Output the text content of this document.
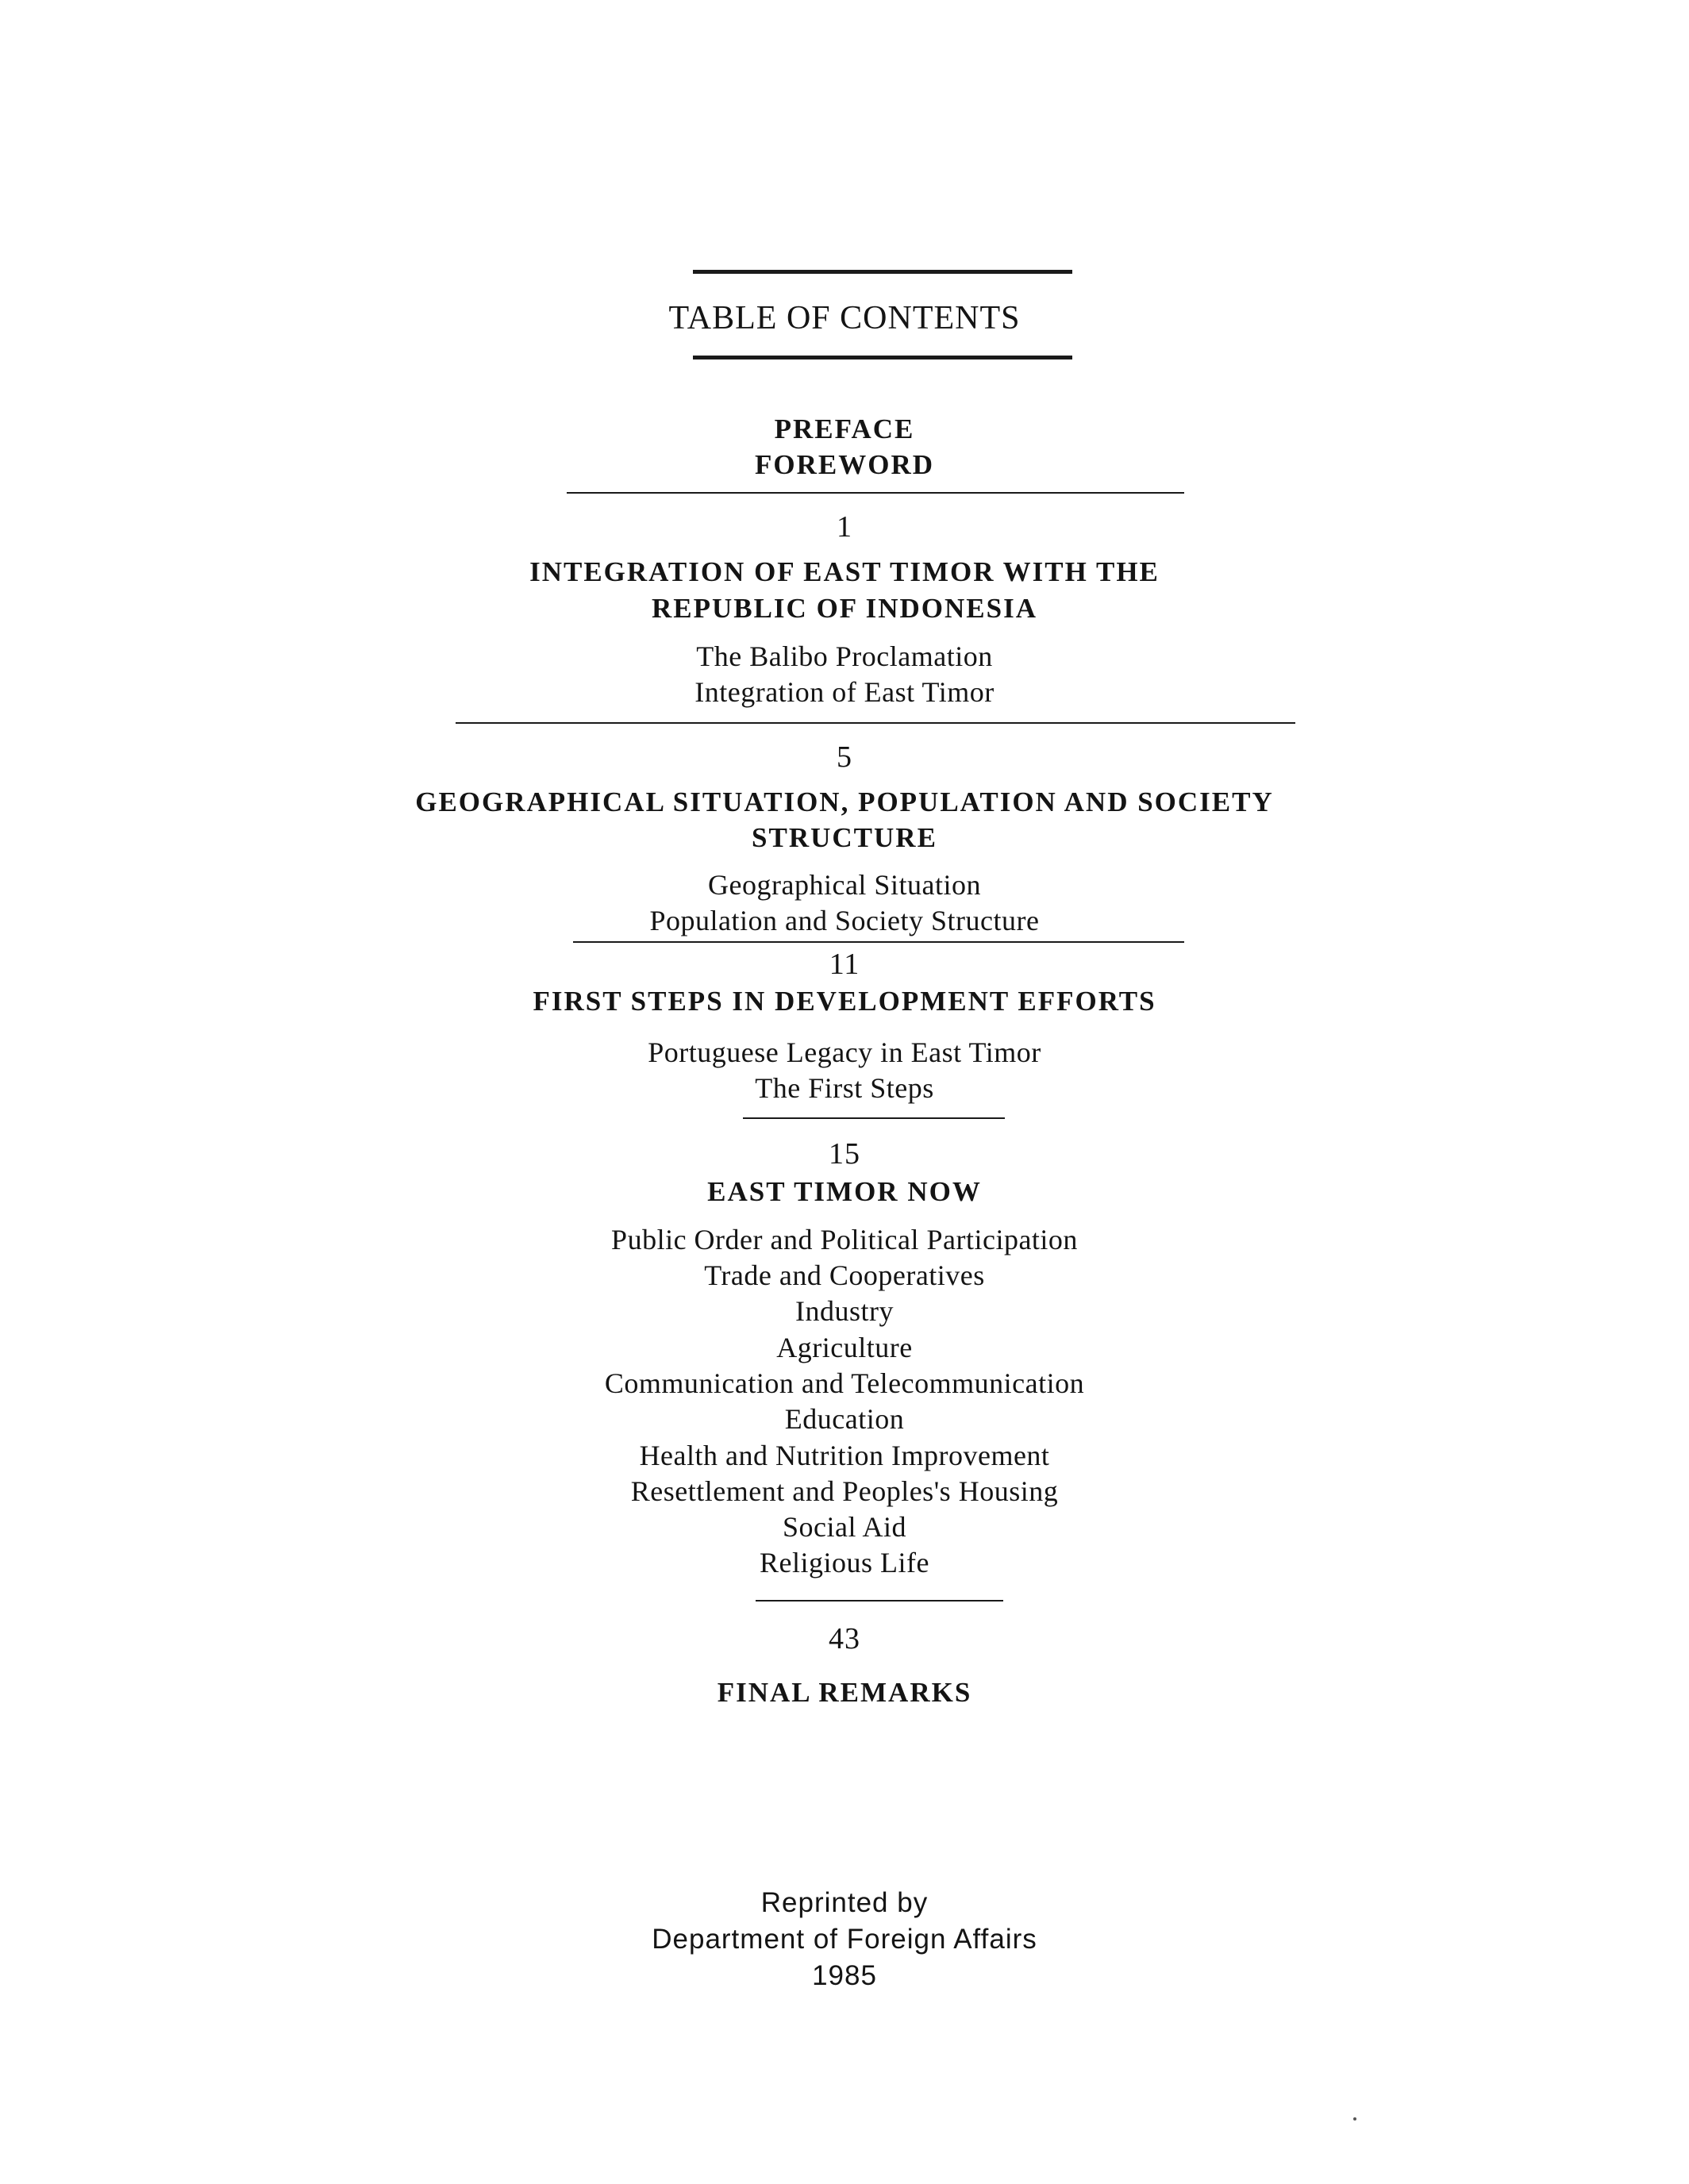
TABLE OF CONTENTS
PREFACE
FOREWORD
1
INTEGRATION OF EAST TIMOR WITH THE
REPUBLIC OF INDONESIA
The Balibo Proclamation
Integration of East Timor
5
GEOGRAPHICAL SITUATION, POPULATION AND SOCIETY
STRUCTURE
Geographical Situation
Population and Society Structure
11
FIRST STEPS IN DEVELOPMENT EFFORTS
Portuguese Legacy in East Timor
The First Steps
15
EAST TIMOR NOW
Public Order and Political Participation
Trade and Cooperatives
Industry
Agriculture
Communication and Telecommunication
Education
Health and Nutrition Improvement
Resettlement and Peoples's Housing
Social Aid
Religious Life
43
FINAL REMARKS
Reprinted by
Department of Foreign Affairs
1985
